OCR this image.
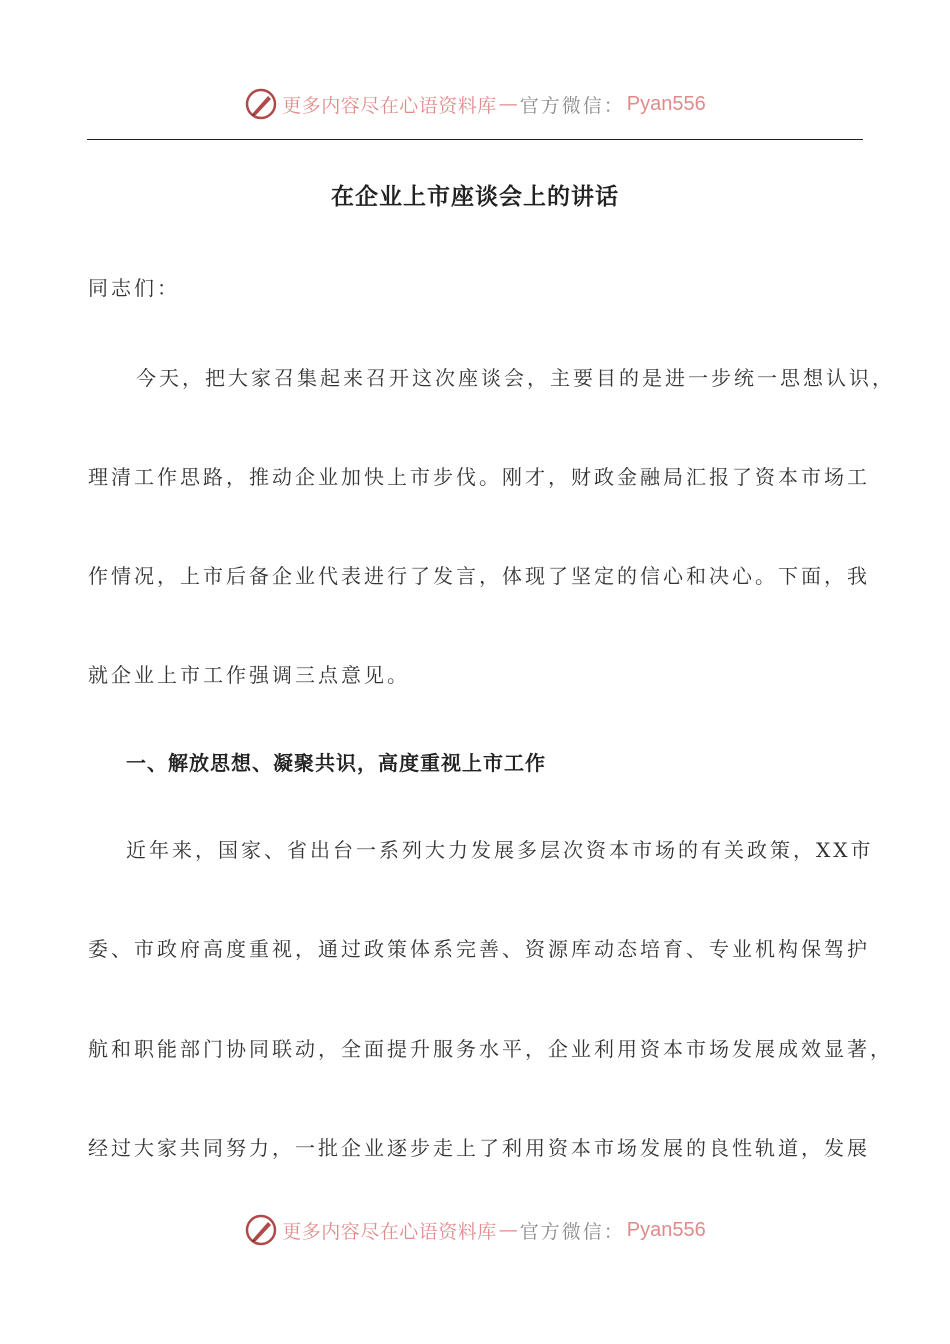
更多内容尽在心语资料库 — 官方微信： Pyan556
在企业上市座谈会上的讲话
同志们：
今天，把大家召集起来召开这次座谈会，主要目的是进一步统一思想认识，
理清工作思路，推动企业加快上市步伐。刚才，财政金融局汇报了资本市场工
作情况，上市后备企业代表进行了发言，体现了坚定的信心和决心。下面，我
就企业上市工作强调三点意见。
一、解放思想、凝聚共识，高度重视上市工作
近年来，国家、省出台一系列大力发展多层次资本市场的有关政策，XX市
委、市政府高度重视，通过政策体系完善、资源库动态培育、专业机构保驾护
航和职能部门协同联动，全面提升服务水平，企业利用资本市场发展成效显著，
经过大家共同努力，一批企业逐步走上了利用资本市场发展的良性轨道，发展
更多内容尽在心语资料库 — 官方微信： Pyan556
